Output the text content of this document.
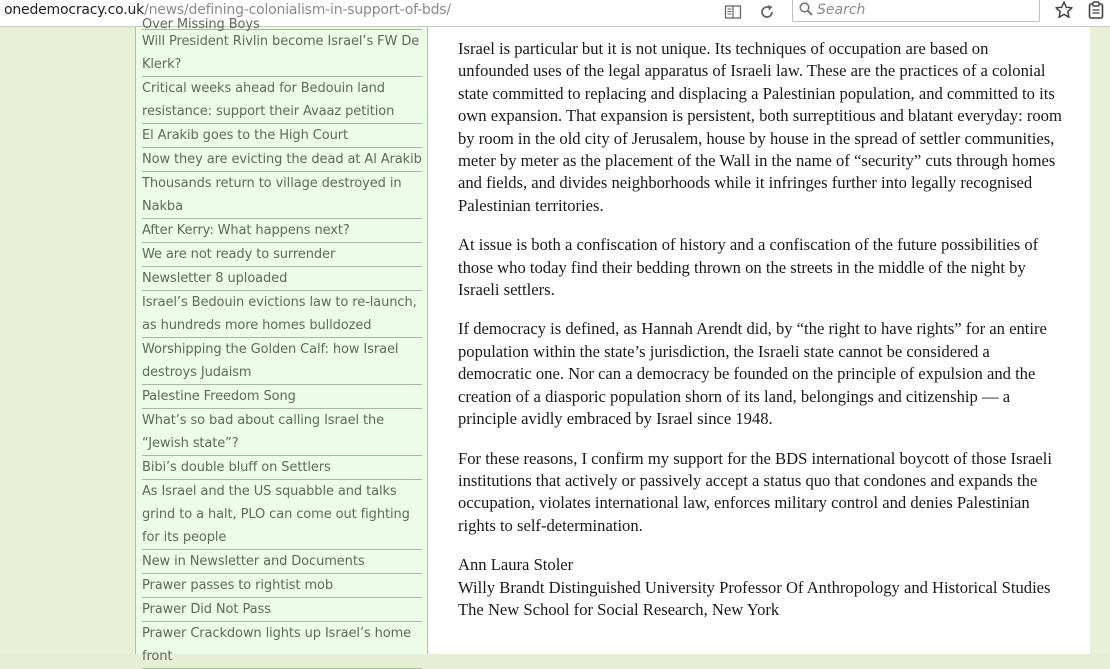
onedemocracy.co.uk/news/defining-colonialism-in-support-of-bds/
Search
Over Missing Boys
Will President Rivlin become Israel’s FW De Klerk?
Critical weeks ahead for Bedouin land resistance: support their Avaaz petition
El Arakib goes to the High Court
Now they are evicting the dead at Al Arakib
Thousands return to village destroyed in Nakba
After Kerry: What happens next?
We are not ready to surrender
Newsletter 8 uploaded
Israel’s Bedouin evictions law to re-launch, as hundreds more homes bulldozed
Worshipping the Golden Calf: how Israel destroys Judaism
Palestine Freedom Song
What’s so bad about calling Israel the “Jewish state”?
Bibi’s double bluff on Settlers
As Israel and the US squabble and talks grind to a halt, PLO can come out fighting for its people
New in Newsletter and Documents
Prawer passes to rightist mob
Prawer Did Not Pass
Prawer Crackdown lights up Israel’s home front

Israel is particular but it is not unique. Its techniques of occupation are based on unfounded uses of the legal apparatus of Israeli law. These are the practices of a colonial state committed to replacing and displacing a Palestinian population, and committed to its own expansion. That expansion is persistent, both surreptitious and blatant everyday: room by room in the old city of Jerusalem, house by house in the spread of settler communities, meter by meter as the placement of the Wall in the name of “security” cuts through homes and fields, and divides neighborhoods while it infringes further into legally recognised Palestinian territories.

At issue is both a confiscation of history and a confiscation of the future possibilities of those who today find their bedding thrown on the streets in the middle of the night by Israeli settlers.

If democracy is defined, as Hannah Arendt did, by “the right to have rights” for an entire population within the state’s jurisdiction, the Israeli state cannot be considered a democratic one. Nor can a democracy be founded on the principle of expulsion and the creation of a diasporic population shorn of its land, belongings and citizenship — a principle avidly embraced by Israel since 1948.

For these reasons, I confirm my support for the BDS international boycott of those Israeli institutions that actively or passively accept a status quo that condones and expands the occupation, violates international law, enforces military control and denies Palestinian rights to self-determination.

Ann Laura Stoler

Willy Brandt Distinguished University Professor Of Anthropology and Historical Studies

The New School for Social Research, New York
